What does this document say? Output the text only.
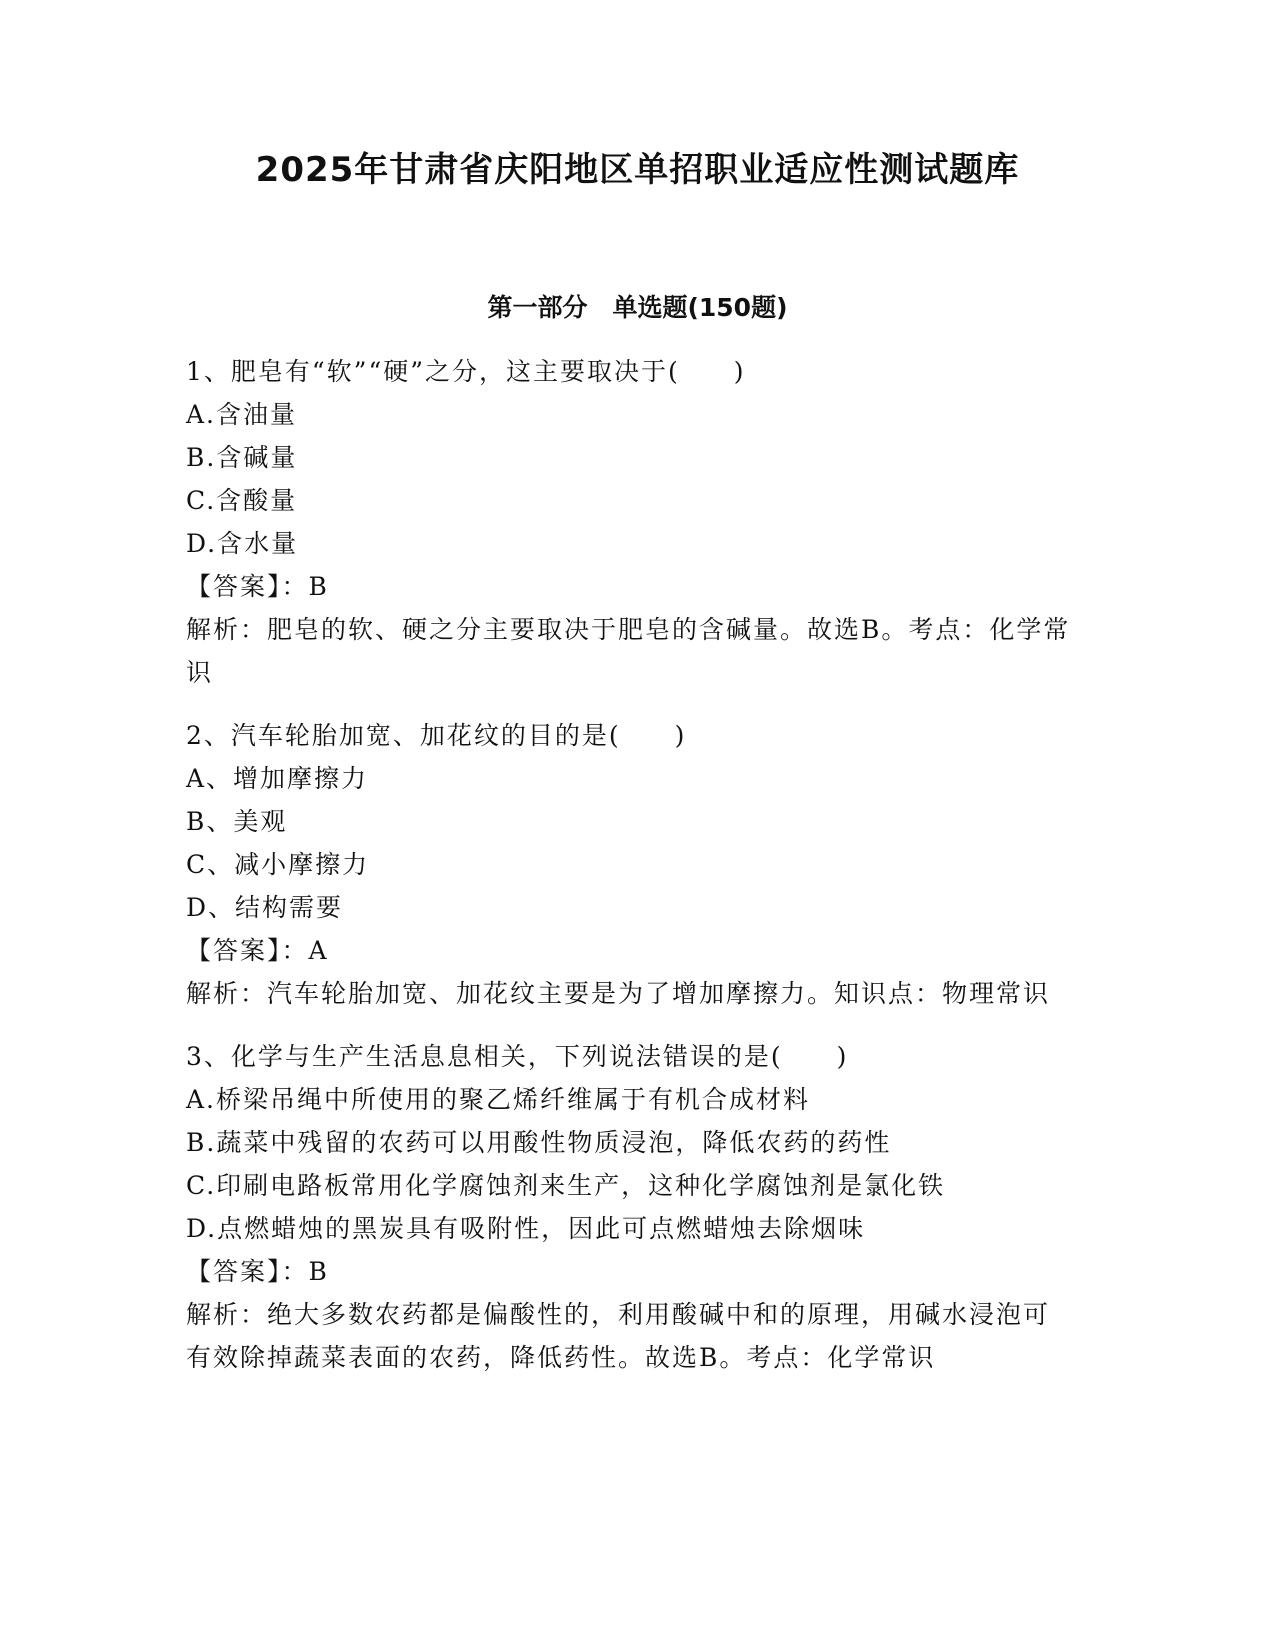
2025年甘肃省庆阳地区单招职业适应性测试题库
第一部分　单选题(150题)
1、肥皂有“软”“硬”之分，这主要取决于(　　)
A.含油量
B.含碱量
C.含酸量
D.含水量
【答案】：B
解析：肥皂的软、硬之分主要取决于肥皂的含碱量。故选B。考点：化学常识
2、汽车轮胎加宽、加花纹的目的是(　　)
A、增加摩擦力
B、美观
C、减小摩擦力
D、结构需要
【答案】：A
解析：汽车轮胎加宽、加花纹主要是为了增加摩擦力。知识点：物理常识
3、化学与生产生活息息相关，下列说法错误的是(　　)
A.桥梁吊绳中所使用的聚乙烯纤维属于有机合成材料
B.蔬菜中残留的农药可以用酸性物质浸泡，降低农药的药性
C.印刷电路板常用化学腐蚀剂来生产，这种化学腐蚀剂是氯化铁
D.点燃蜡烛的黑炭具有吸附性，因此可点燃蜡烛去除烟味
【答案】：B
解析：绝大多数农药都是偏酸性的，利用酸碱中和的原理，用碱水浸泡可有效除掉蔬菜表面的农药，降低药性。故选B。考点：化学常识
